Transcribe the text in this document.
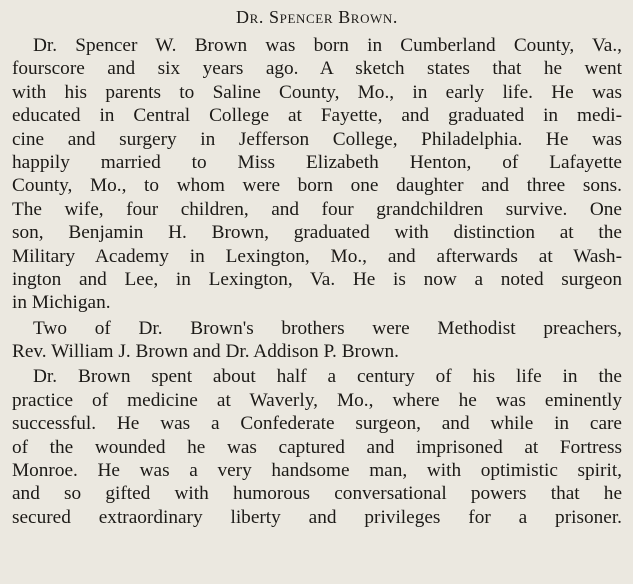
Dr. Spencer Brown.
Dr. Spencer W. Brown was born in Cumberland County, Va.,
fourscore and six years ago. A sketch states that he went
with his parents to Saline County, Mo., in early life. He was
educated in Central College at Fayette, and graduated in medi-
cine and surgery in Jefferson College, Philadelphia. He was
happily married to Miss Elizabeth Henton, of Lafayette
County, Mo., to whom were born one daughter and three sons.
The wife, four children, and four grandchildren survive. One
son, Benjamin H. Brown, graduated with distinction at the
Military Academy in Lexington, Mo., and afterwards at Wash-
ington and Lee, in Lexington, Va. He is now a noted surgeon
in Michigan.
Two of Dr. Brown's brothers were Methodist preachers,
Rev. William J. Brown and Dr. Addison P. Brown.
Dr. Brown spent about half a century of his life in the
practice of medicine at Waverly, Mo., where he was eminently
successful. He was a Confederate surgeon, and while in care
of the wounded he was captured and imprisoned at Fortress
Monroe. He was a very handsome man, with optimistic spirit,
and so gifted with humorous conversational powers that he
secured extraordinary liberty and privileges for a prisoner.
